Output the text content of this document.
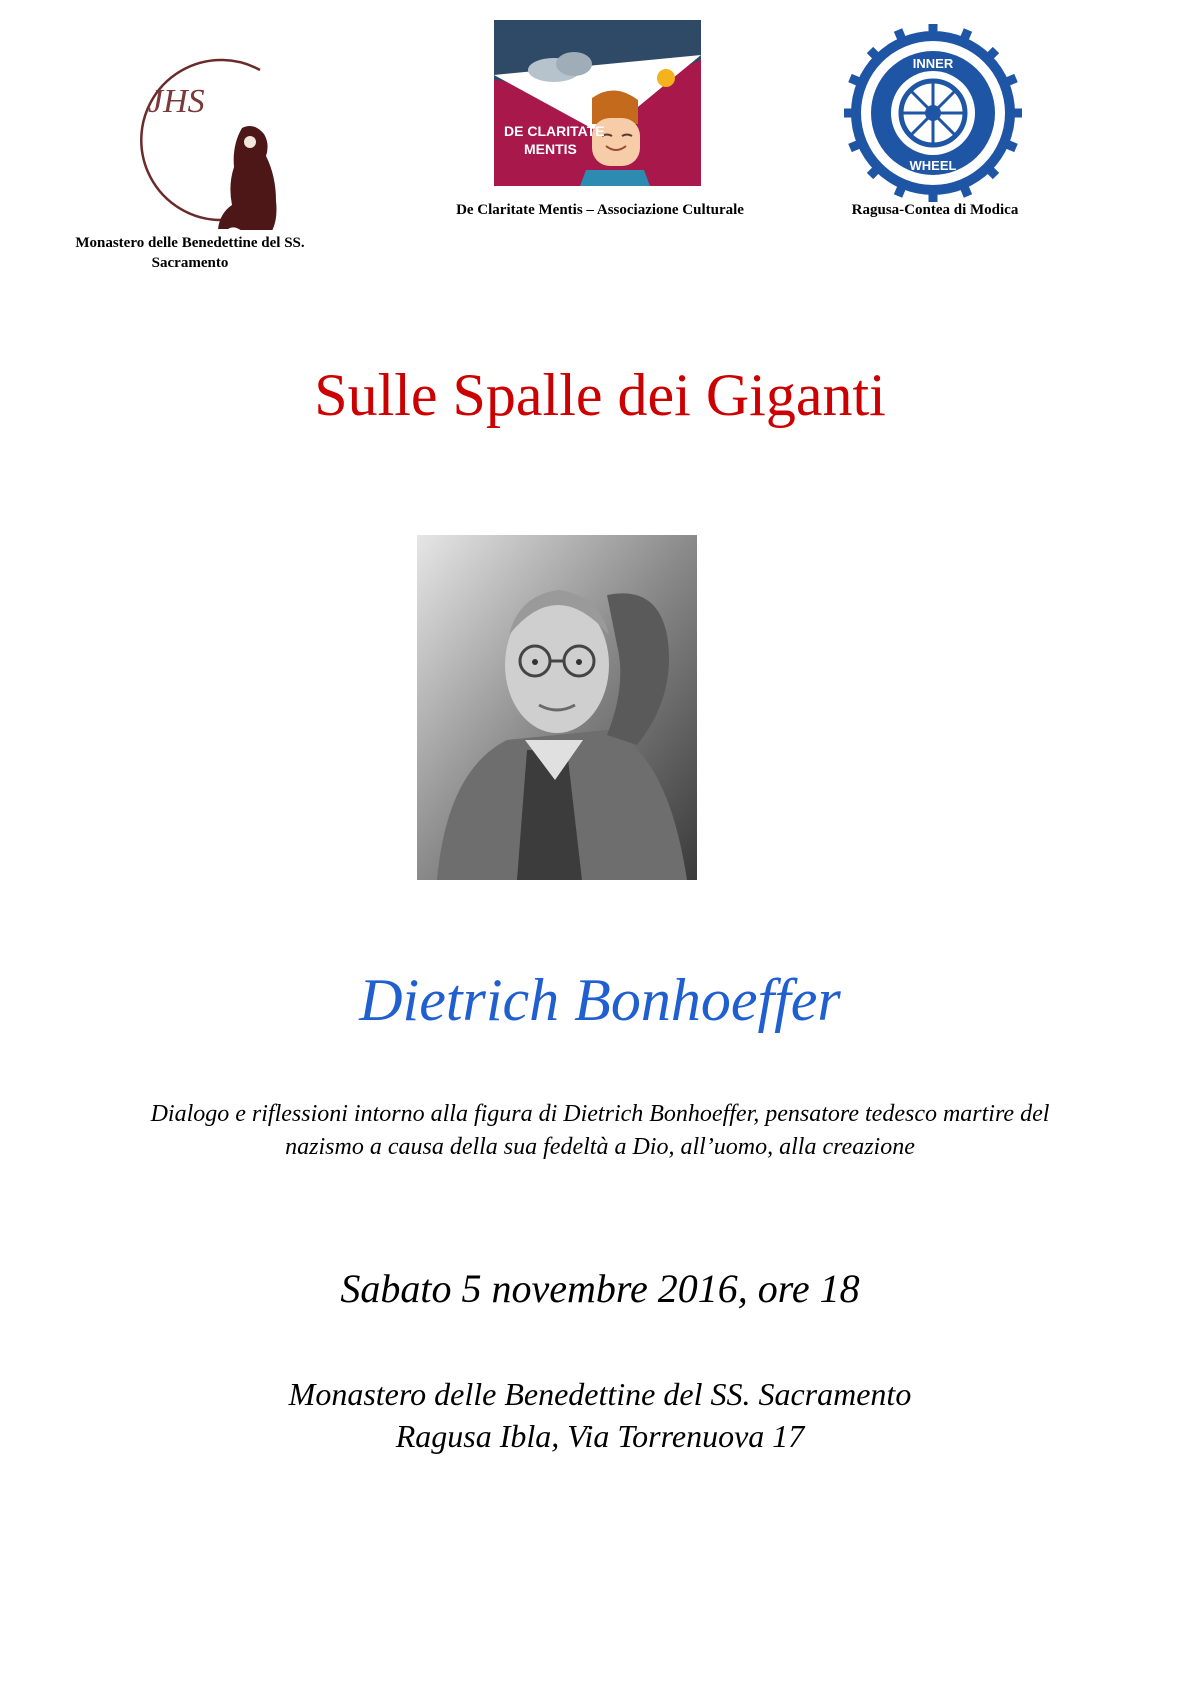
JHS
Monastero delle Benedettine del SS. Sacramento
DE CLARITATE
MENTIS
De Claritate Mentis – Associazione Culturale
INNER
WHEEL
Ragusa-Contea di Modica
Sulle Spalle dei Giganti
Dietrich Bonhoeffer
Dialogo e riflessioni intorno alla figura di Dietrich Bonhoeffer, pensatore tedesco martire del nazismo a causa della sua fedeltà a Dio, all’uomo, alla creazione
Sabato 5 novembre 2016, ore 18
Monastero delle Benedettine del SS. Sacramento
Ragusa Ibla, Via Torrenuova 17
